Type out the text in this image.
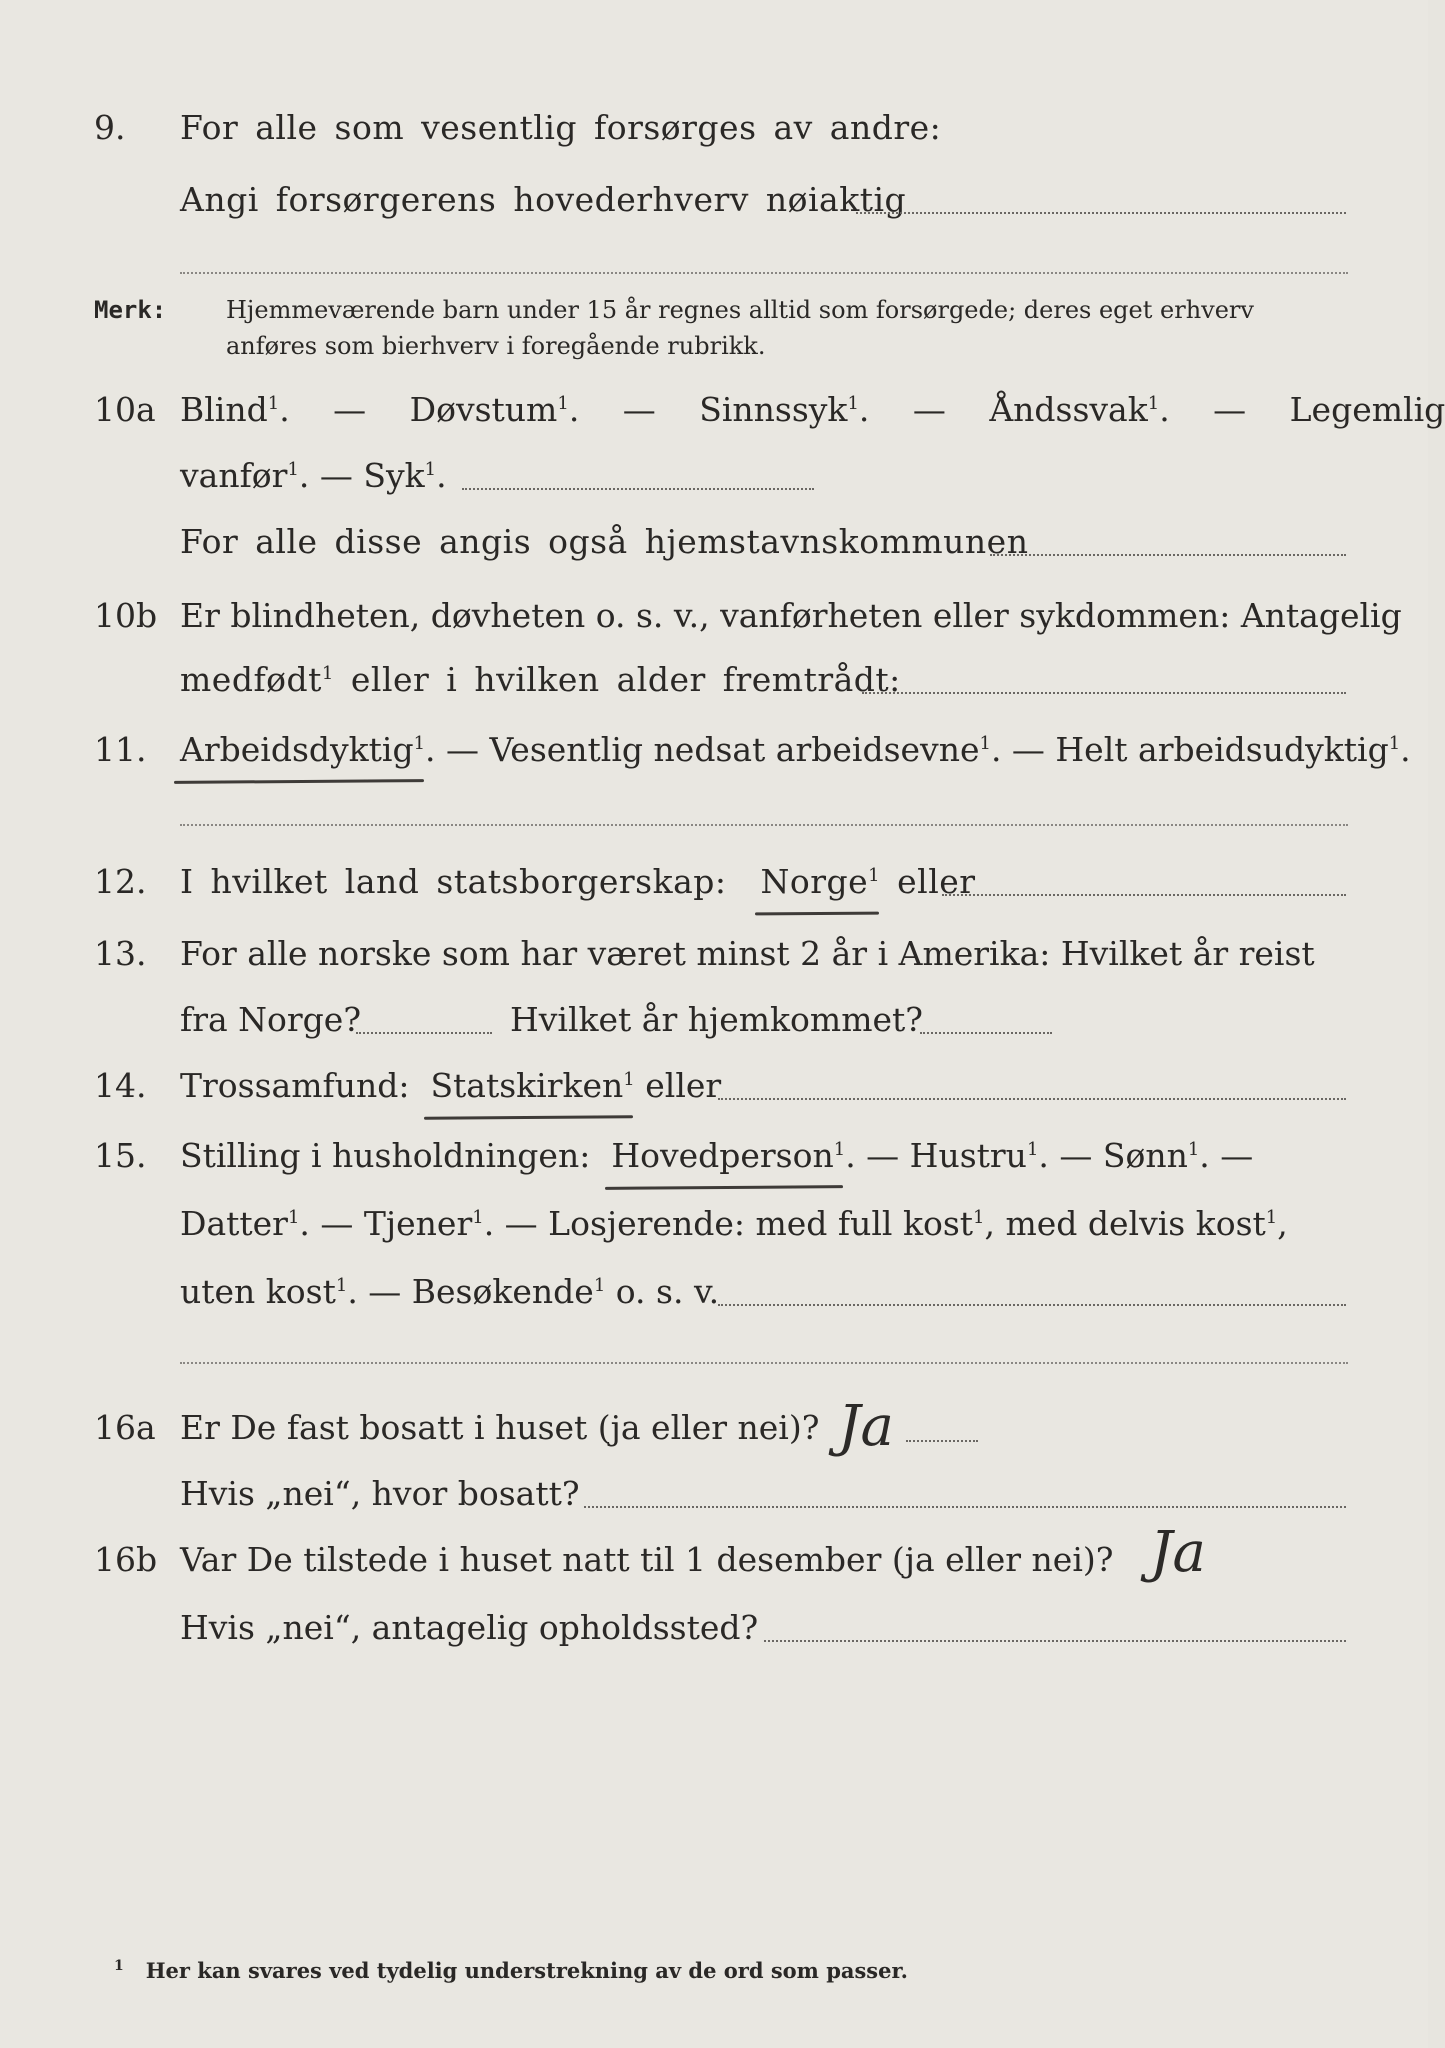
9.	For alle som vesentlig forsørges av andre:
Angi forsørgerens hovederhverv nøiaktig
Merk: Hjemmeværende barn under 15 år regnes alltid som forsørgede; deres eget erhverv
anføres som bierhverv i foregående rubrikk.
10a Blind$^1$.   —   Døvstum$^1$.   —   Sinnssyk$^1$.   —   Åndssvak$^1$.   —   Legemlig
vanfør$^1$. — Syk$^1$.
For alle disse angis også hjemstavnskommunen
10b Er blindheten, døvheten o. s. v., vanførheten eller sykdommen: Antagelig
medfødt$^1$ eller i hvilken alder fremtrådt:
11.	Arbeidsdyktig$^1$. — Vesentlig nedsat arbeidsevne$^1$. — Helt arbeidsudyktig$^1$.
12.	I hvilket land statsborgerskap: Norge$^1$ eller
13.	For alle norske som har været minst 2 år i Amerika: Hvilket år reist
fra Norge?	Hvilket år hjemkommet?
14.	Trossamfund: Statskirken$^1$ eller
15.	Stilling i husholdningen: Hovedperson$^1$. — Hustru$^1$. — Sønn$^1$. —
Datter$^1$. — Tjener$^1$. — Losjerende: med full kost$^1$, med delvis kost$^1$,
uten kost$^1$. — Besøkende$^1$ o. s. v.
16a Er De fast bosatt i huset (ja eller nei)? Ja
Hvis „nei“, hvor bosatt?
16b Var De tilstede i huset natt til 1 desember (ja eller nei)? Ja
Hvis „nei“, antagelig opholdssted?
$^1$ Her kan svares ved tydelig understrekning av de ord som passer.
